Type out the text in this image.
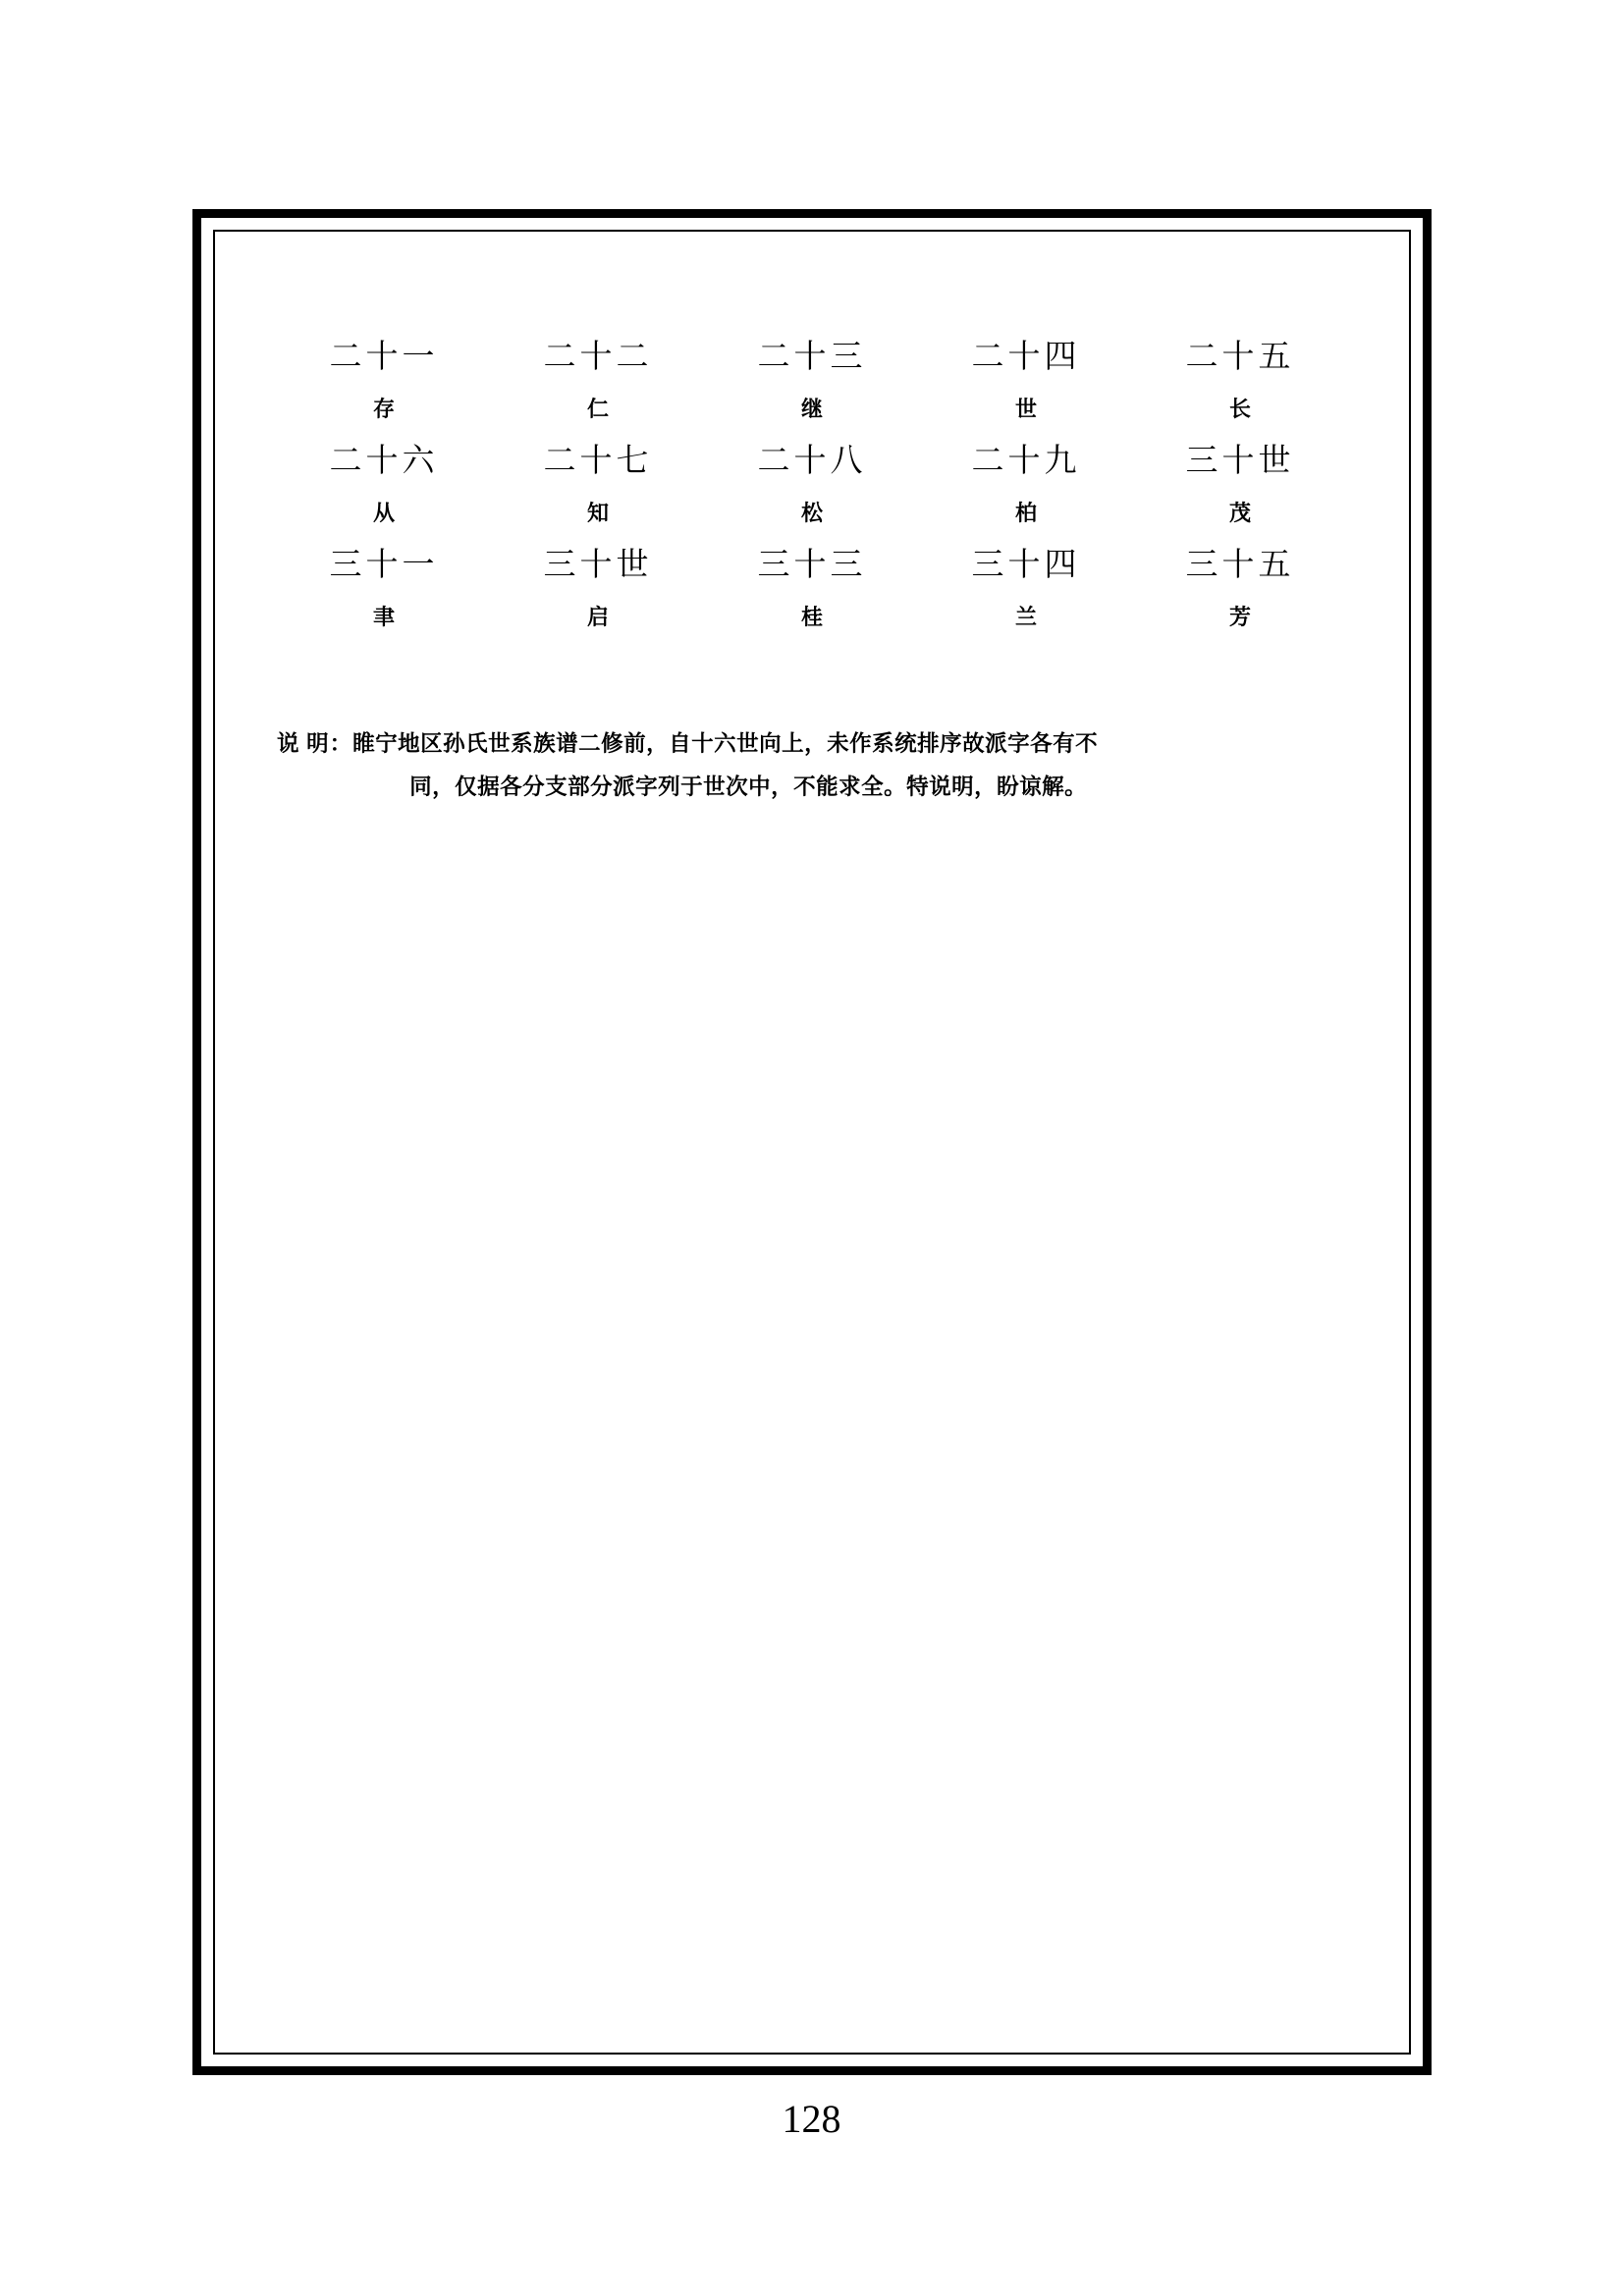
二十一	二十二	二十三	二十四	二十五
存	仁	继	世	长
二十六	二十七	二十八	二十九	三十世
从	知	松	柏	茂
三十一	三十世	三十三	三十四	三十五
聿	启	桂	兰	芳
说 明： 睢宁地区孙氏世系族谱二修前，自十六世向上，未作系统排序故派字各有不
同，仅据各分支部分派字列于世次中，不能求全。特说明，盼谅解。
128
